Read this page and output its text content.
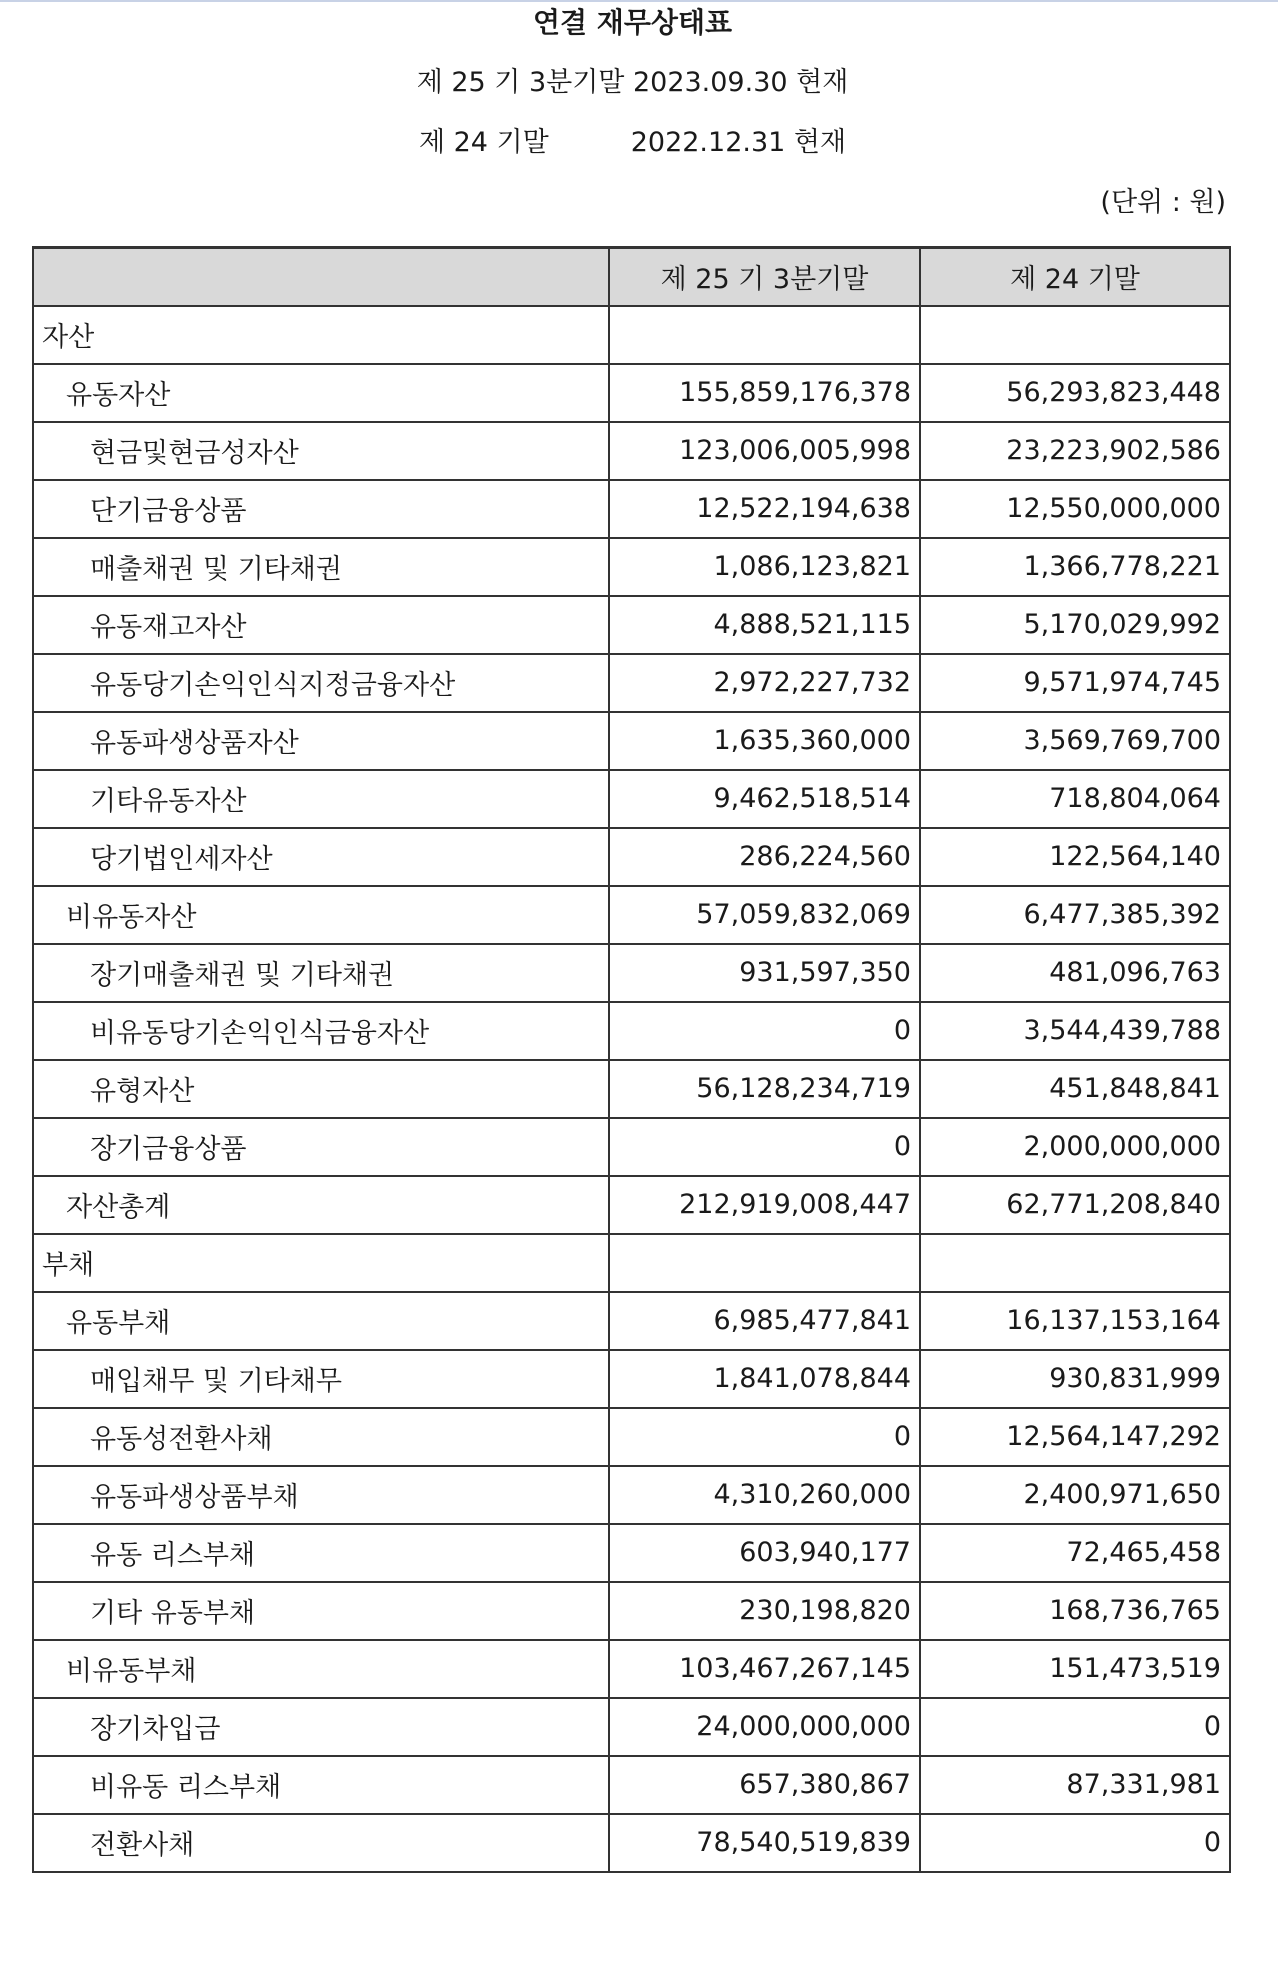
연결 재무상태표
제 25 기 3분기말 2023.09.30 현재
제 24 기말	2022.12.31 현재
(단위 : 원)
	제 25 기 3분기말	제 24 기말
자산		
유동자산	155,859,176,378	56,293,823,448
현금및현금성자산	123,006,005,998	23,223,902,586
단기금융상품	12,522,194,638	12,550,000,000
매출채권 및 기타채권	1,086,123,821	1,366,778,221
유동재고자산	4,888,521,115	5,170,029,992
유동당기손익인식지정금융자산	2,972,227,732	9,571,974,745
유동파생상품자산	1,635,360,000	3,569,769,700
기타유동자산	9,462,518,514	718,804,064
당기법인세자산	286,224,560	122,564,140
비유동자산	57,059,832,069	6,477,385,392
장기매출채권 및 기타채권	931,597,350	481,096,763
비유동당기손익인식금융자산	0	3,544,439,788
유형자산	56,128,234,719	451,848,841
장기금융상품	0	2,000,000,000
자산총계	212,919,008,447	62,771,208,840
부채		
유동부채	6,985,477,841	16,137,153,164
매입채무 및 기타채무	1,841,078,844	930,831,999
유동성전환사채	0	12,564,147,292
유동파생상품부채	4,310,260,000	2,400,971,650
유동 리스부채	603,940,177	72,465,458
기타 유동부채	230,198,820	168,736,765
비유동부채	103,467,267,145	151,473,519
장기차입금	24,000,000,000	0
비유동 리스부채	657,380,867	87,331,981
전환사채	78,540,519,839	0
